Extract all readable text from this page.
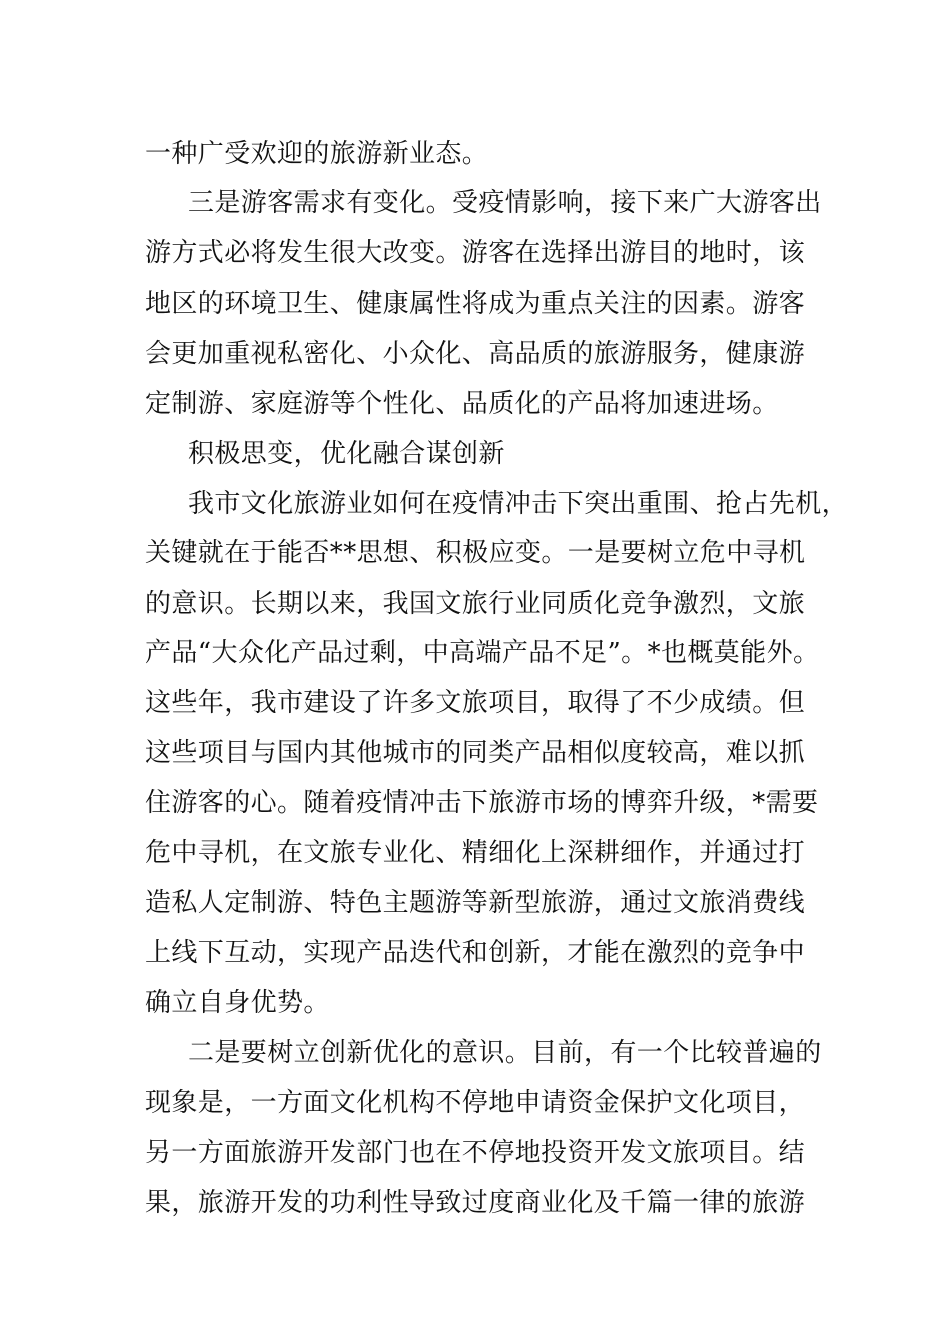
一种广受欢迎的旅游新业态。
三是游客需求有变化。受疫情影响，接下来广大游客出
游方式必将发生很大改变。游客在选择出游目的地时，该
地区的环境卫生、健康属性将成为重点关注的因素。游客
会更加重视私密化、小众化、高品质的旅游服务，健康游
定制游、家庭游等个性化、品质化的产品将加速进场。
积极思变，优化融合谋创新
我市文化旅游业如何在疫情冲击下突出重围、抢占先机，
关键就在于能否**思想、积极应变。一是要树立危中寻机
的意识。长期以来，我国文旅行业同质化竞争激烈，文旅
产品“大众化产品过剩，中高端产品不足”。*也概莫能外。
这些年，我市建设了许多文旅项目，取得了不少成绩。但
这些项目与国内其他城市的同类产品相似度较高，难以抓
住游客的心。随着疫情冲击下旅游市场的博弈升级，*需要
危中寻机，在文旅专业化、精细化上深耕细作，并通过打
造私人定制游、特色主题游等新型旅游，通过文旅消费线
上线下互动，实现产品迭代和创新，才能在激烈的竞争中
确立自身优势。
二是要树立创新优化的意识。目前，有一个比较普遍的
现象是，一方面文化机构不停地申请资金保护文化项目，
另一方面旅游开发部门也在不停地投资开发文旅项目。结
果，旅游开发的功利性导致过度商业化及千篇一律的旅游
